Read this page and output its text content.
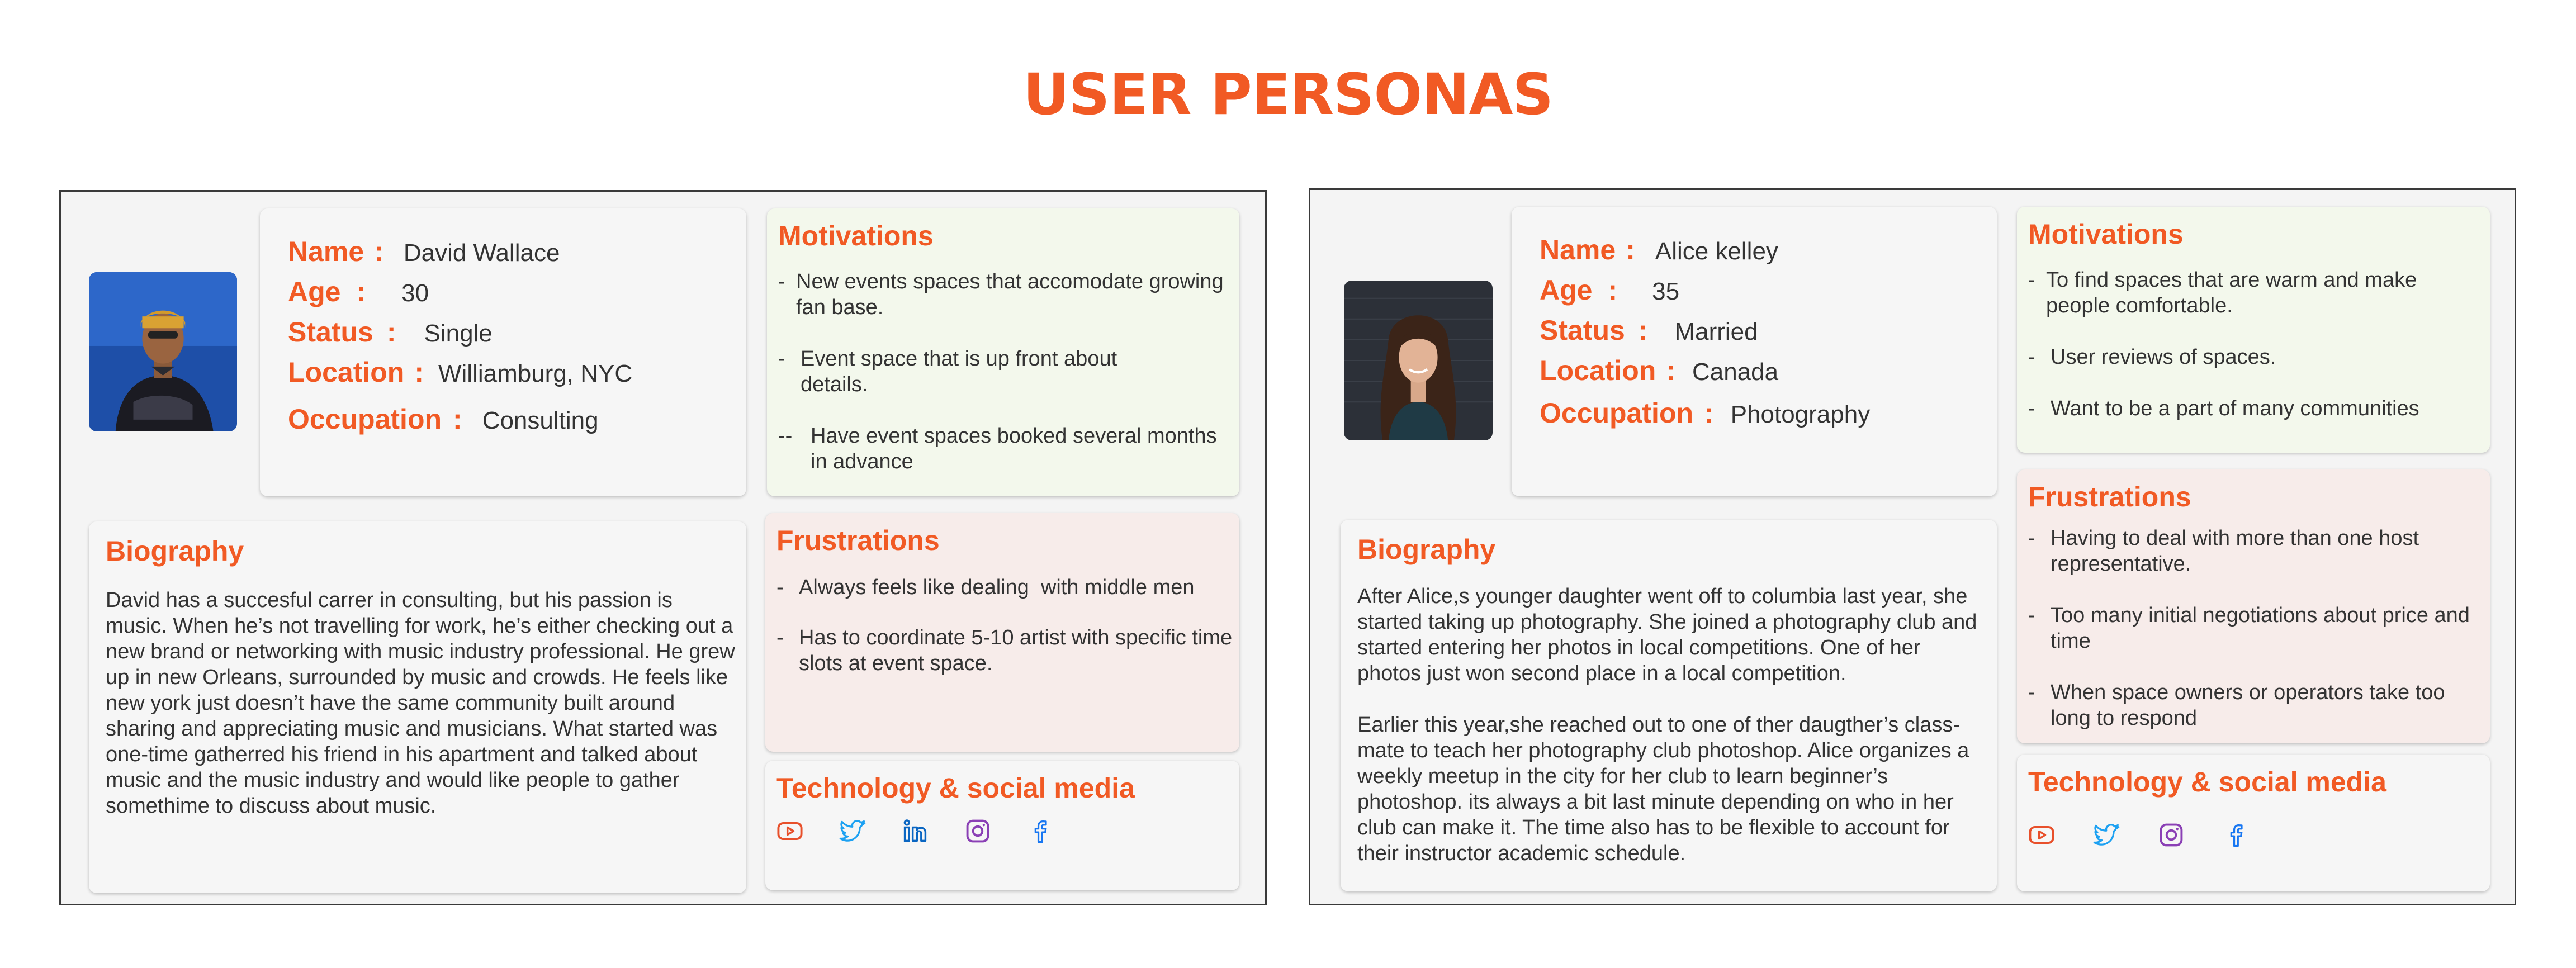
USER PERSONAS
Name : David Wallace
Age : 30
Status : Single
Location : Williamburg, NYC
Occupation : Consulting
Motivations
- New events spaces that accomodate growing fan base.
- Event space that is up front about details.
-- Have event spaces booked several months in advance
Biography

David has a succesful carrer in consulting, but his passion is music. When he’s not travelling for work, he’s either checking out a new brand or networking with music industry professional. He grew up in new Orleans, surrounded by music and crowds. He feels like new york just doesn’t have the same community built around sharing and appreciating music and musicians. What started was one-time gatherred his friend in his apartment and talked about music and the music industry and would like people to gather somethime to discuss about music.

Frustrations
- Always feels like dealing  with middle men
- Has to coordinate 5-10 artist with specific time slots at event space.
Technology & social media
Name : Alice kelley
Age : 35
Status : Married
Location : Canada
Occupation : Photography
Motivations
- To find spaces that are warm and make people comfortable.
- User reviews of spaces.
- Want to be a part of many communities
Biography

After Alice,s younger daughter went off to columbia last year, she started taking up photography. She joined a photography club and started entering her photos in local competitions. One of her photos just won second place in a local competition.

Earlier this year,she reached out to one of ther daugther’s class-mate to teach her photography club photoshop. Alice organizes a weekly meetup in the city for her club to learn beginner’s photoshop. its always a bit last minute depending on who in her club can make it. The time also has to be flexible to account for their instructor academic schedule.

Frustrations
- Having to deal with more than one host representative.
- Too many initial negotiations about price and time
- When space owners or operators take too long to respond
Technology & social media
